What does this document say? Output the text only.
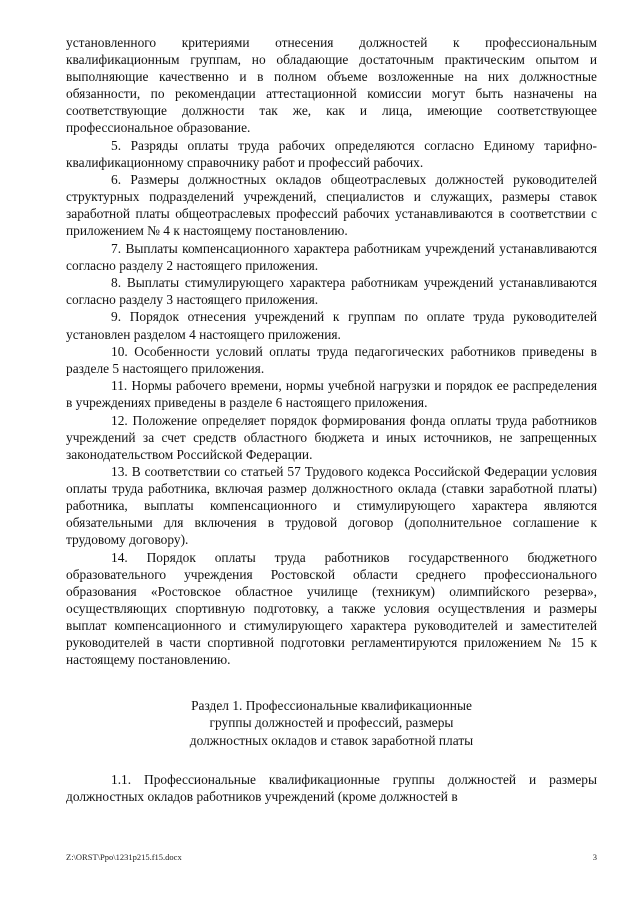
установленного критериями отнесения должностей к профессиональным квалификационным группам, но обладающие достаточным практическим опытом и выполняющие качественно и в полном объеме возложенные на них должностные обязанности, по рекомендации аттестационной комиссии могут быть назначены на соответствующие должности так же, как и лица, имеющие соответствующее профессиональное образование.

5. Разряды оплаты труда рабочих определяются согласно Единому тарифно-квалификационному справочнику работ и профессий рабочих.

6. Размеры должностных окладов общеотраслевых должностей руководителей структурных подразделений учреждений, специалистов и служащих, размеры ставок заработной платы общеотраслевых профессий рабочих устанавливаются в соответствии с приложением № 4 к настоящему постановлению.

7. Выплаты компенсационного характера работникам учреждений устанавливаются согласно разделу 2 настоящего приложения.

8. Выплаты стимулирующего характера работникам учреждений устанавливаются согласно разделу 3 настоящего приложения.

9. Порядок отнесения учреждений к группам по оплате труда руководителей установлен разделом 4 настоящего приложения.

10. Особенности условий оплаты труда педагогических работников приведены в разделе 5 настоящего приложения.

11. Нормы рабочего времени, нормы учебной нагрузки и порядок ее распределения в учреждениях приведены в разделе 6 настоящего приложения.

12. Положение определяет порядок формирования фонда оплаты труда работников учреждений за счет средств областного бюджета и иных источников, не запрещенных законодательством Российской Федерации.

13. В соответствии со статьей 57 Трудового кодекса Российской Федерации условия оплаты труда работника, включая размер должностного оклада (ставки заработной платы) работника, выплаты компенсационного и стимулирующего характера являются обязательными для включения в трудовой договор (дополнительное соглашение к трудовому договору).

14. Порядок оплаты труда работников государственного бюджетного образовательного учреждения Ростовской области среднего профессионального образования «Ростовское областное училище (техникум) олимпийского резерва», осуществляющих спортивную подготовку, а также условия осуществления и размеры выплат компенсационного и стимулирующего характера руководителей и заместителей руководителей в части спортивной подготовки регламентируются приложением № 15 к настоящему постановлению.

Раздел 1. Профессиональные квалификационные
группы должностей и профессий, размеры
должностных окладов и ставок заработной платы

1.1. Профессиональные квалификационные группы должностей и размеры должностных окладов работников учреждений (кроме должностей в

Z:\ORST\Ppo\1231p215.f15.docx	3
